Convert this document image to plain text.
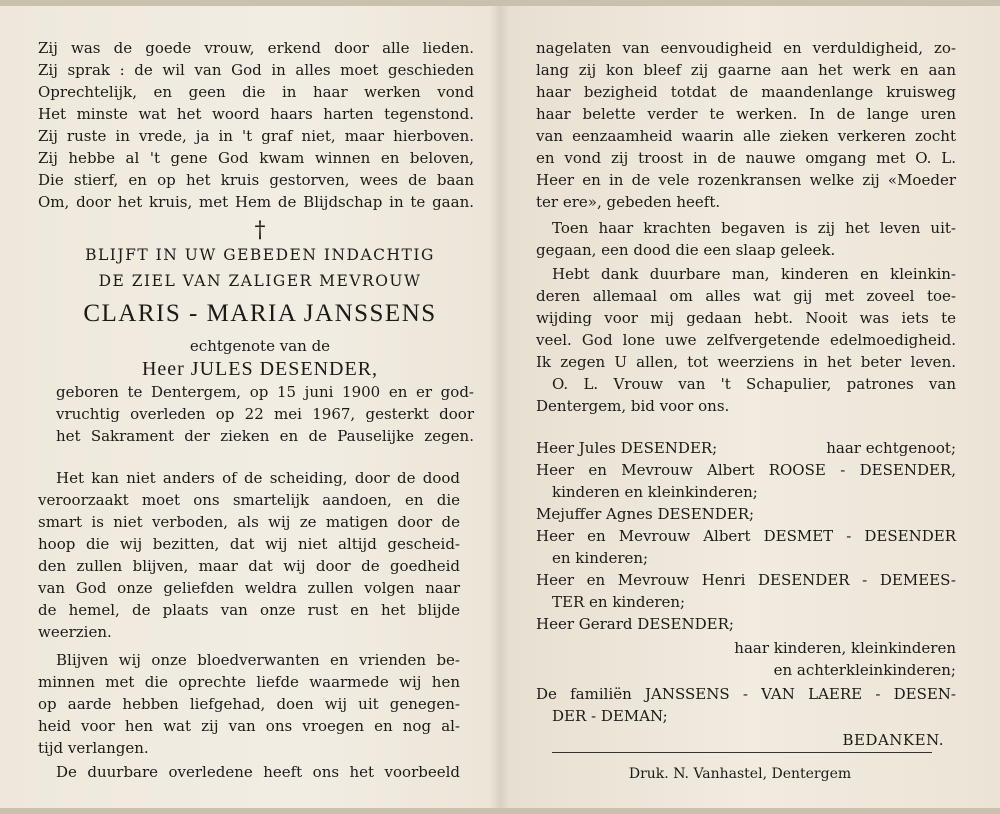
Zij was de goede vrouw, erkend door alle lieden.
Zij sprak : de wil van God in alles moet geschieden
Oprechtelijk, en geen die in haar werken vond
Het minste wat het woord haars harten tegenstond.
Zij ruste in vrede, ja in 't graf niet, maar hierboven.
Zij hebbe al 't gene God kwam winnen en beloven,
Die stierf, en op het kruis gestorven, wees de baan
Om, door het kruis, met Hem de Blijdschap in te gaan.
†
BLIJFT IN UW GEBEDEN INDACHTIG
DE ZIEL VAN ZALIGER MEVROUW
CLARIS - MARIA JANSSENS
echtgenote van de
Heer JULES DESENDER,
geboren te Dentergem, op 15 juni 1900 en er god-
vruchtig overleden op 22 mei 1967, gesterkt door
het Sakrament der zieken en de Pauselijke zegen.
Het kan niet anders of de scheiding, door de dood
veroorzaakt moet ons smartelijk aandoen, en die
smart is niet verboden, als wij ze matigen door de
hoop die wij bezitten, dat wij niet altijd gescheid-
den zullen blijven, maar dat wij door de goedheid
van God onze geliefden weldra zullen volgen naar
de hemel, de plaats van onze rust en het blijde
weerzien.
Blijven wij onze bloedverwanten en vrienden be-
minnen met die oprechte liefde waarmede wij hen
op aarde hebben liefgehad, doen wij uit genegen-
heid voor hen wat zij van ons vroegen en nog al-
tijd verlangen.
De duurbare overledene heeft ons het voorbeeld
nagelaten van eenvoudigheid en verduldigheid, zo-
lang zij kon bleef zij gaarne aan het werk en aan
haar bezigheid totdat de maandenlange kruisweg
haar belette verder te werken. In de lange uren
van eenzaamheid waarin alle zieken verkeren zocht
en vond zij troost in de nauwe omgang met O. L.
Heer en in de vele rozenkransen welke zij «Moeder
ter ere», gebeden heeft.
Toen haar krachten begaven is zij het leven uit-
gegaan, een dood die een slaap geleek.
Hebt dank duurbare man, kinderen en kleinkin-
deren allemaal om alles wat gij met zoveel toe-
wijding voor mij gedaan hebt. Nooit was iets te
veel. God lone uwe zelfvergetende edelmoedigheid.
Ik zegen U allen, tot weerziens in het beter leven.
O. L. Vrouw van 't Schapulier, patrones van
Dentergem, bid voor ons.
Heer Jules DESENDER;	haar echtgenoot;
Heer en Mevrouw Albert ROOSE - DESENDER,
kinderen en kleinkinderen;
Mejuffer Agnes DESENDER;
Heer en Mevrouw Albert DESMET - DESENDER
en kinderen;
Heer en Mevrouw Henri DESENDER - DEMEES-
TER en kinderen;
Heer Gerard DESENDER;
haar kinderen, kleinkinderen
en achterkleinkinderen;
De familiën JANSSENS - VAN LAERE - DESEN-
DER - DEMAN;
BEDANKEN.
Druk. N. Vanhastel, Dentergem
